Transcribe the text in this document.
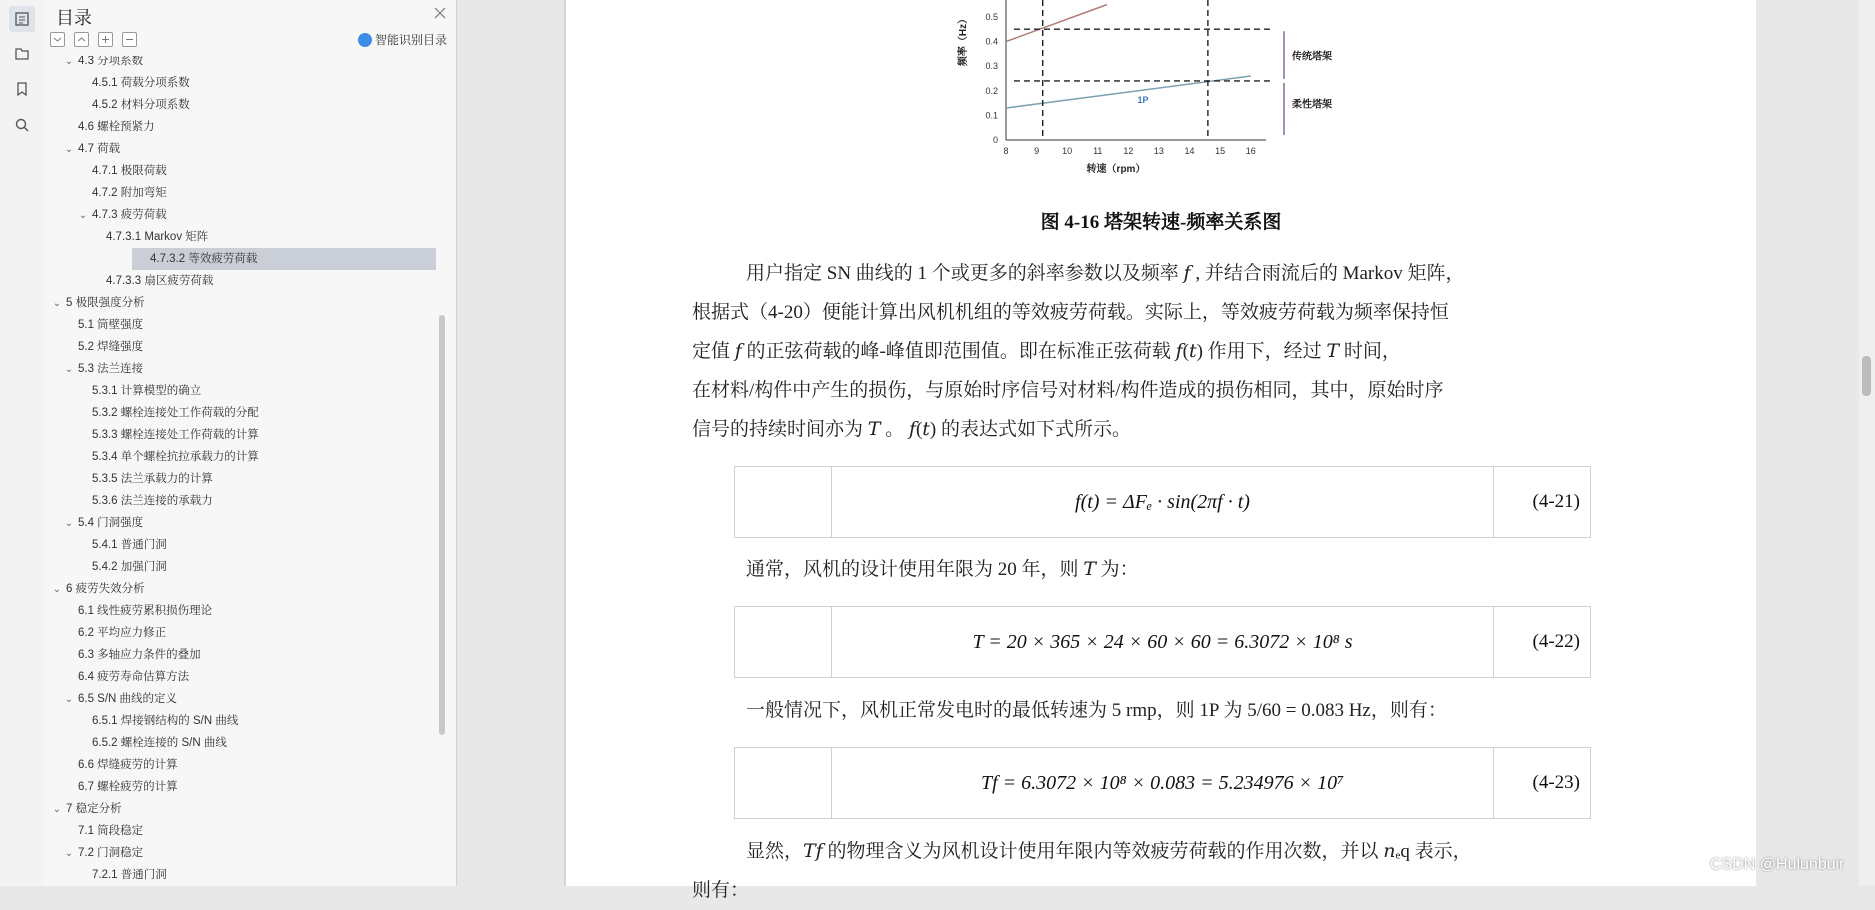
目录
智能识别目录
⌄ 4.3 分项系数
4.5.1 荷载分项系数
4.5.2 材料分项系数
4.6 螺栓预紧力
⌄ 4.7 荷载
4.7.1 极限荷载
4.7.2 附加弯矩
⌄ 4.7.3 疲劳荷载
4.7.3.1 Markov 矩阵
4.7.3.2 等效疲劳荷载
4.7.3.3 扇区疲劳荷载
⌄ 5 极限强度分析
5.1 筒壁强度
5.2 焊缝强度
⌄ 5.3 法兰连接
5.3.1 计算模型的确立
5.3.2 螺栓连接处工作荷载的分配
5.3.3 螺栓连接处工作荷载的计算
5.3.4 单个螺栓抗拉承载力的计算
5.3.5 法兰承载力的计算
5.3.6 法兰连接的承载力
⌄ 5.4 门洞强度
5.4.1 普通门洞
5.4.2 加强门洞
⌄ 6 疲劳失效分析
6.1 线性疲劳累积损伤理论
6.2 平均应力修正
6.3 多轴应力条件的叠加
6.4 疲劳寿命估算方法
⌄ 6.5 S/N 曲线的定义
6.5.1 焊接钢结构的 S/N 曲线
6.5.2 螺栓连接的 S/N 曲线
6.6 焊缝疲劳的计算
6.7 螺栓疲劳的计算
⌄ 7 稳定分析
7.1 筒段稳定
⌄ 7.2 门洞稳定
7.2.1 普通门洞
8	9	10 11 12 13 14 15 16
0
0.1
0.2
0.3
0.4
0.5
转速（rpm）
频率（Hz）	传统塔架
柔性塔架
1P
图 4-16 塔架转速-频率关系图
用户指定 SN 曲线的 1 个或更多的斜率参数以及频率 𝑓 , 并结合雨流后的 Markov 矩阵，
根据式（4-20）便能计算出风机机组的等效疲劳荷载。实际上，等效疲劳荷载为频率保持恒
定值 𝑓 的正弦荷载的峰-峰值即范围值。即在标准正弦荷载 𝑓(𝑡) 作用下，经过 𝑇 时间，
在材料/构件中产生的损伤，与原始时序信号对材料/构件造成的损伤相同，其中，原始时序
信号的持续时间亦为 𝑇 。 𝑓(𝑡) 的表达式如下式所示。
f(t) = ΔFₑ · sin(2πf · t)	(4-21)
通常，风机的设计使用年限为 20 年，则 𝑇 为：
T = 20 × 365 × 24 × 60 × 60 = 6.3072 × 10⁸ s	(4-22)
一般情况下，风机正常发电时的最低转速为 5 rmp，则 1P 为 5/60 = 0.083 Hz，则有：
Tf = 6.3072 × 10⁸ × 0.083 = 5.234976 × 10⁷	(4-23)
显然，𝑇𝑓 的物理含义为风机设计使用年限内等效疲劳荷载的作用次数，并以 𝑛ₑq 表示，
则有：
CSDN @Hulunbuir
